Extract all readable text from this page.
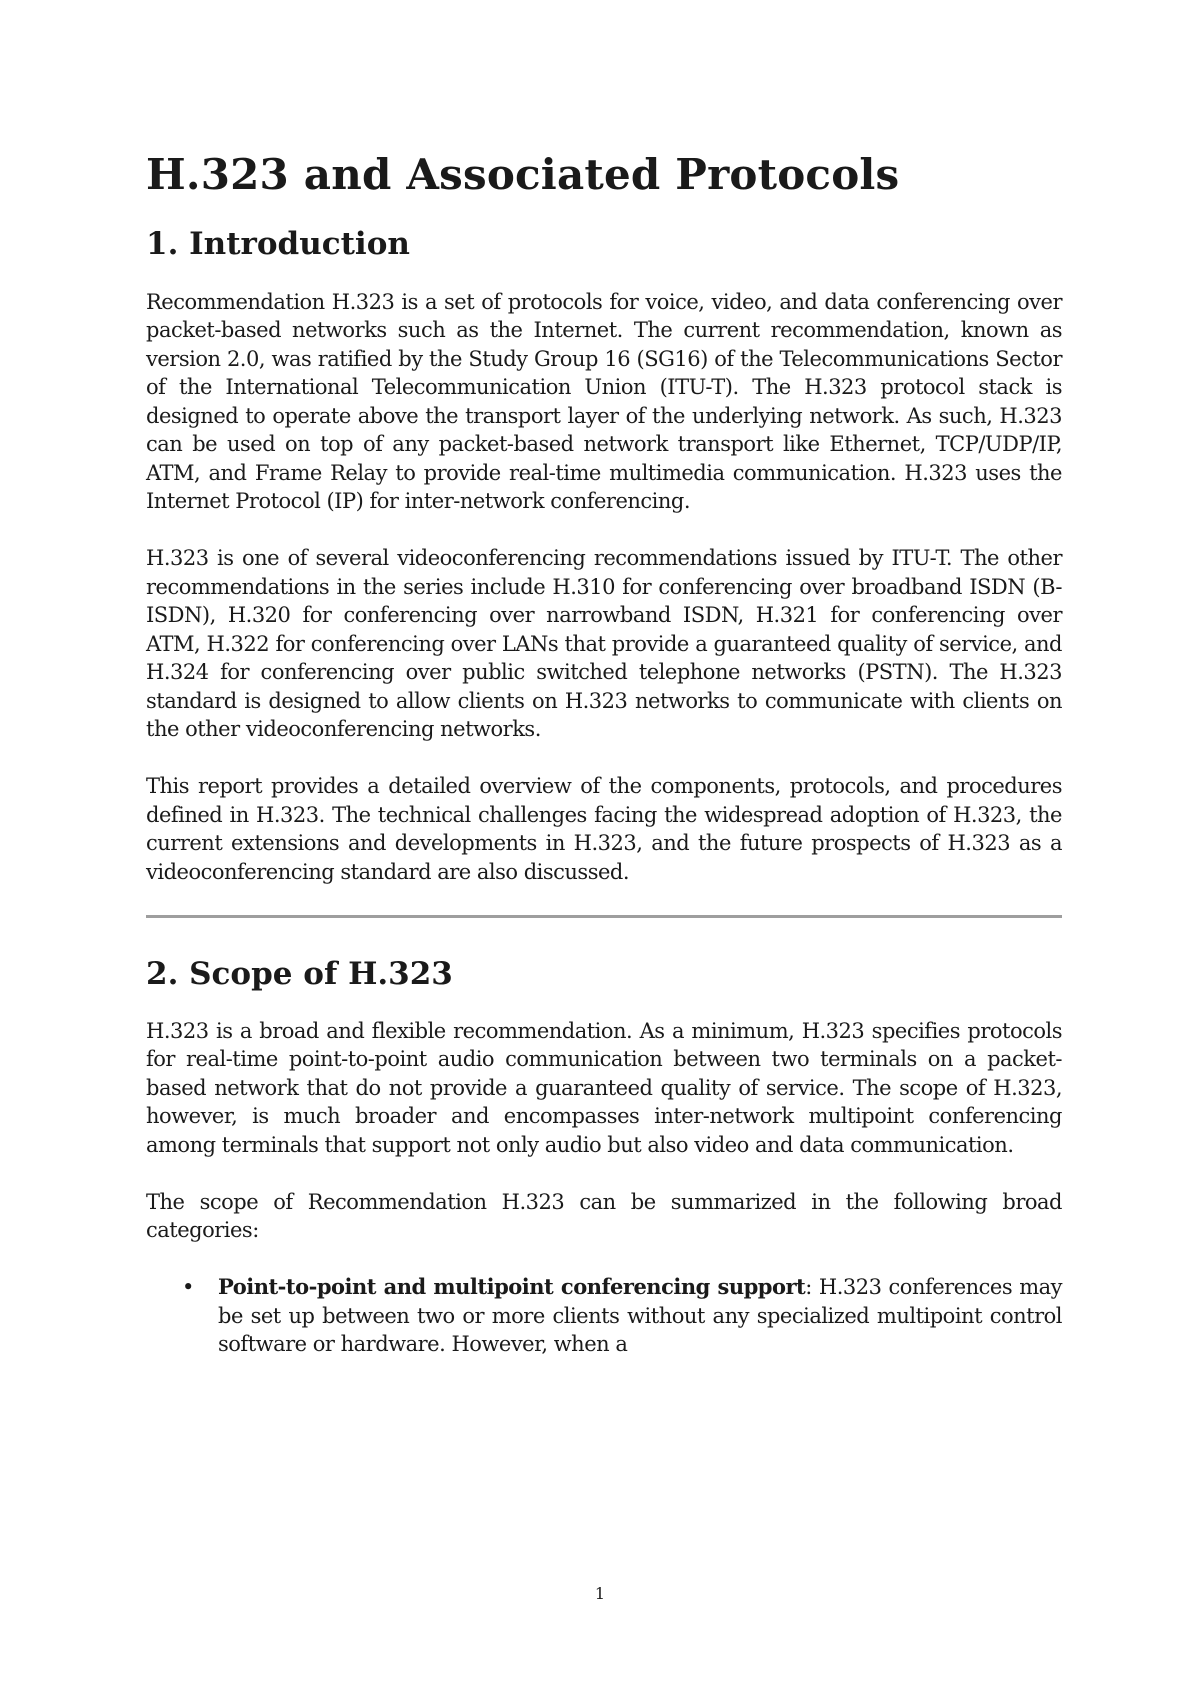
H.323 and Associated Protocols
1. Introduction

Recommendation H.323 is a set of protocols for voice, video, and data conferencing over packet-based networks such as the Internet. The current recommendation, known as version 2.0, was ratified by the Study Group 16 (SG16) of the Telecommunications Sector of the International Telecommunication Union (ITU-T). The H.323 protocol stack is designed to operate above the transport layer of the underlying network. As such, H.323 can be used on top of any packet-based network transport like Ethernet, TCP/UDP/IP, ATM, and Frame Relay to provide real-time multimedia communication. H.323 uses the Internet Protocol (IP) for inter-network conferencing.

H.323 is one of several videoconferencing recommendations issued by ITU-T. The other recommendations in the series include H.310 for conferencing over broadband ISDN (B-ISDN), H.320 for conferencing over narrowband ISDN, H.321 for conferencing over ATM, H.322 for conferencing over LANs that provide a guaranteed quality of service, and H.324 for conferencing over public switched telephone networks (PSTN). The H.323 standard is designed to allow clients on H.323 networks to communicate with clients on the other videoconferencing networks.

This report provides a detailed overview of the components, protocols, and procedures defined in H.323. The technical challenges facing the widespread adoption of H.323, the current extensions and developments in H.323, and the future prospects of H.323 as a videoconferencing standard are also discussed.

2. Scope of H.323

H.323 is a broad and flexible recommendation. As a minimum, H.323 specifies protocols for real-time point-to-point audio communication between two terminals on a packet-based network that do not provide a guaranteed quality of service. The scope of H.323, however, is much broader and encompasses inter-network multipoint conferencing among terminals that support not only audio but also video and data communication.

The scope of Recommendation H.323 can be summarized in the following broad categories:

• Point-to-point and multipoint conferencing support: H.323 conferences may be set up between two or more clients without any specialized multipoint control software or hardware. However, when a
1
